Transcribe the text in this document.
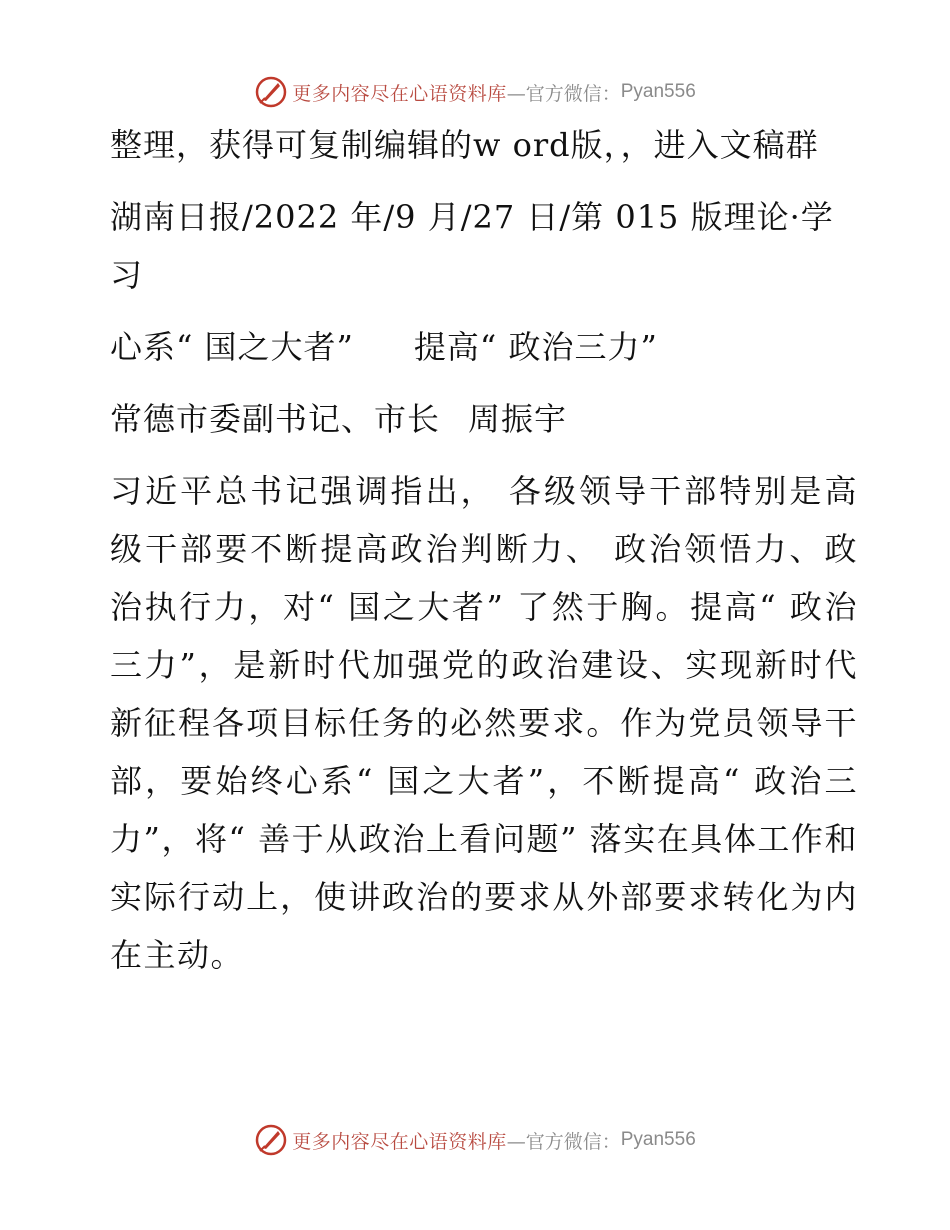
更多内容尽在心语资料库 —官方微信： Pyan556

整理，获得可复制编辑的w ord版，，进入文稿群

湖南日报/2022 年/9 月/27 日/第 015 版理论·学习

心系“ 国之大者” 提高“ 政治三力”

常德市委副书记、市长 周振宇

习近平总书记强调指出， 各级领导干部特别是高级干部要不断提高政治判断力、 政治领悟力、政治执行力，对“ 国之大者” 了然于胸。提高“ 政治三力”，是新时代加强党的政治建设、实现新时代新征程各项目标任务的必然要求。作为党员领导干部，要始终心系“ 国之大者”，不断提高“ 政治三力”，将“ 善于从政治上看问题” 落实在具体工作和实际行动上，使讲政治的要求从外部要求转化为内在主动。

更多内容尽在心语资料库 —官方微信： Pyan556
